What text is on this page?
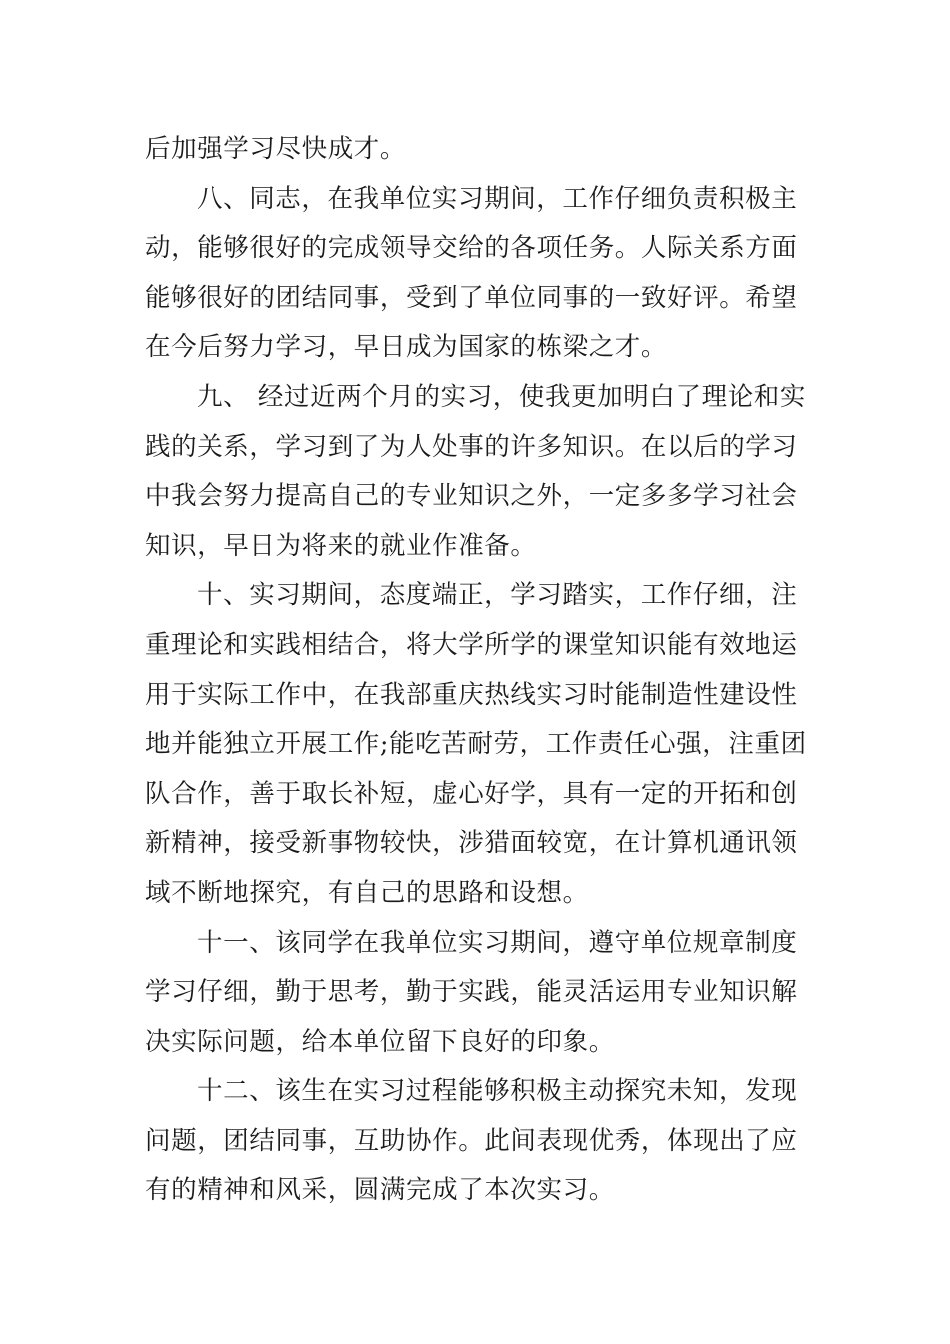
后加强学习尽快成才。
八、同志，在我单位实习期间，工作仔细负责积极主
动，能够很好的完成领导交给的各项任务。人际关系方面
能够很好的团结同事，受到了单位同事的一致好评。希望
在今后努力学习，早日成为国家的栋梁之才。
九、 经过近两个月的实习，使我更加明白了理论和实
践的关系，学习到了为人处事的许多知识。在以后的学习
中我会努力提高自己的专业知识之外，一定多多学习社会
知识，早日为将来的就业作准备。
十、实习期间，态度端正，学习踏实，工作仔细，注
重理论和实践相结合，将大学所学的课堂知识能有效地运
用于实际工作中，在我部重庆热线实习时能制造性建设性
地并能独立开展工作;能吃苦耐劳，工作责任心强，注重团
队合作，善于取长补短，虚心好学，具有一定的开拓和创
新精神，接受新事物较快，涉猎面较宽，在计算机通讯领
域不断地探究，有自己的思路和设想。
十一、该同学在我单位实习期间，遵守单位规章制度
学习仔细，勤于思考，勤于实践，能灵活运用专业知识解
决实际问题，给本单位留下良好的印象。
十二、该生在实习过程能够积极主动探究未知，发现
问题，团结同事，互助协作。此间表现优秀，体现出了应
有的精神和风采，圆满完成了本次实习。
